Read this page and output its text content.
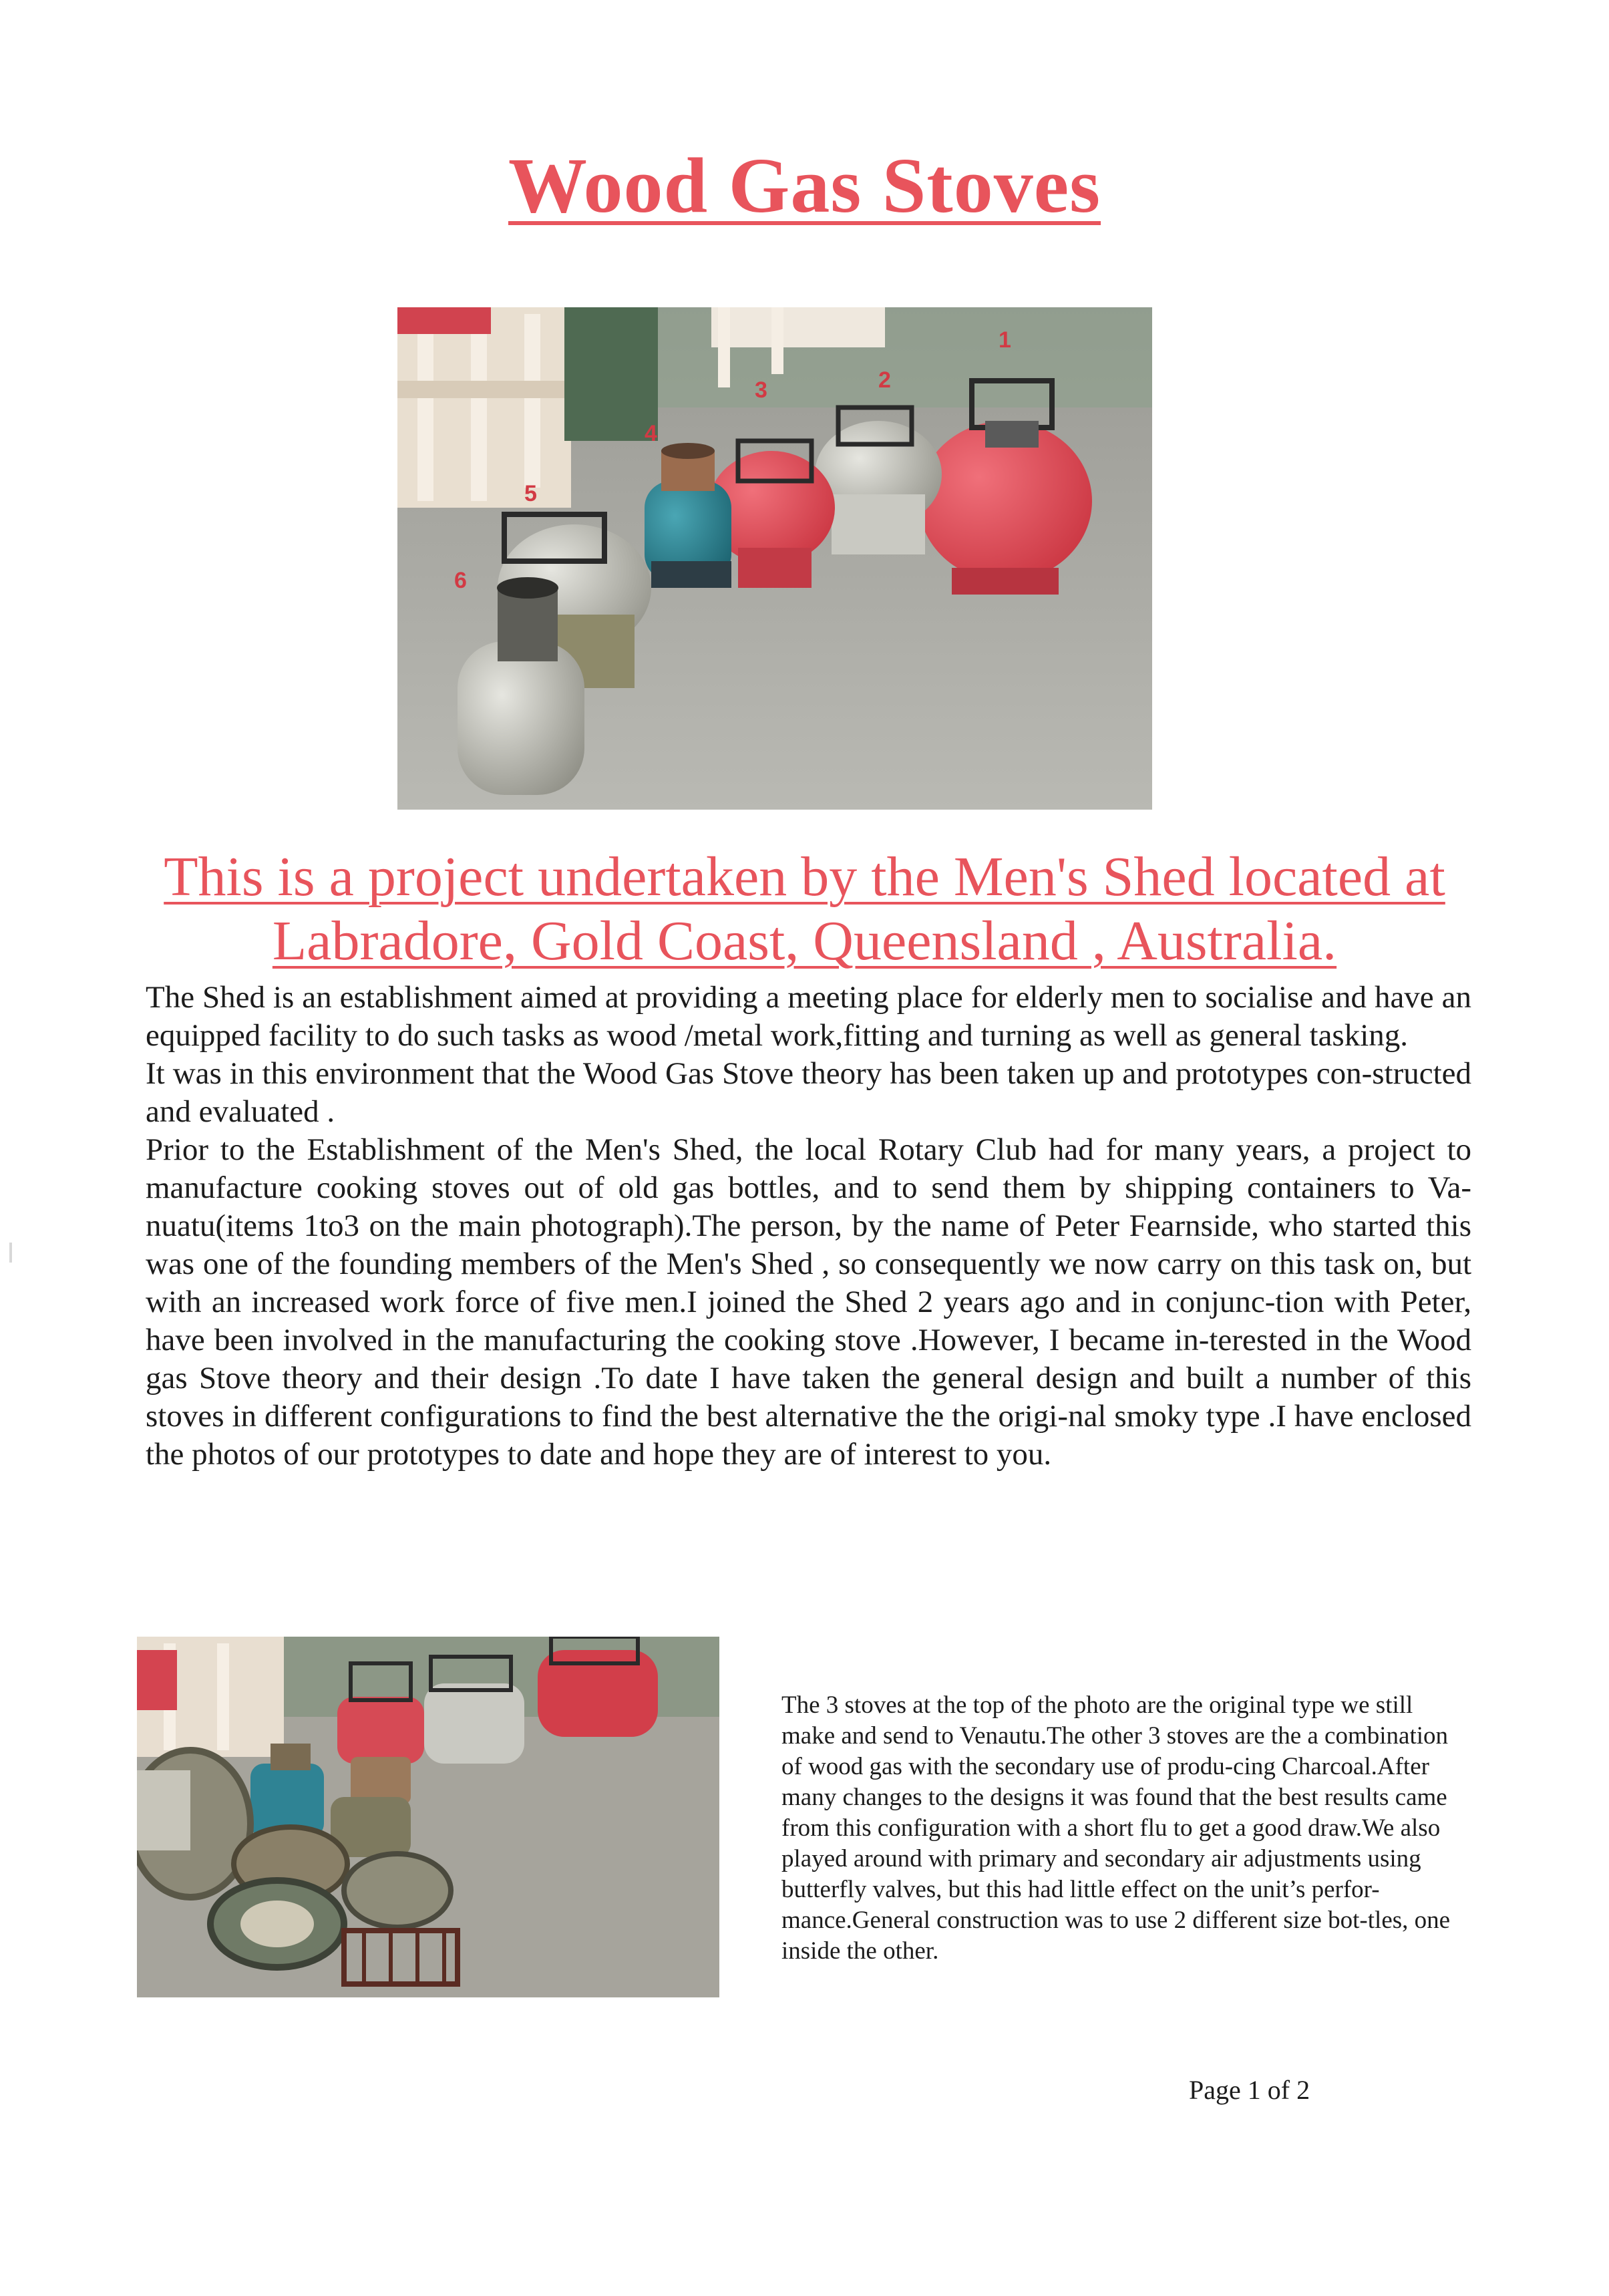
Wood Gas Stoves
1
2
3
4
5
6
This is a project undertaken by the Men's Shed located at Labradore, Gold Coast, Queensland , Australia.

The Shed is an establishment aimed at providing a meeting place for elderly men to socialise and have an equipped facility to do such tasks as wood /metal work,fitting and turning as well as general tasking.

It was in this environment that the Wood Gas Stove theory has been taken up and prototypes con-structed and evaluated .

Prior to the Establishment of the Men's Shed, the local Rotary Club had for many years, a project to manufacture cooking stoves out of old gas bottles, and to send them by shipping containers to Va-nuatu(items 1to3 on the main photograph).The person, by the name of Peter Fearnside, who started this was one of the founding members of the Men's Shed , so consequently we now carry on this task on, but with an increased work force of five men.I joined the Shed 2 years ago and in conjunc-tion with Peter, have been involved in the manufacturing the cooking stove .However, I became in-terested in the Wood gas Stove theory and their design .To date I have taken the general design and built a number of this stoves in different configurations to find the best alternative the the origi-nal smoky type .I have enclosed the photos of our prototypes to date and hope they are of interest to you.

The 3 stoves at the top of the photo are the original type we still make and send to Venautu.The other 3 stoves are the a combination of wood gas with the secondary use of produ-cing Charcoal.After many changes to the designs it was found that the best results came from this configuration with a short flu to get a good draw.We also played around with primary and secondary air adjustments using butterfly valves, but this had little effect on the unit’s perfor-mance.General construction was to use 2 different size bot-tles, one inside the other.
Page 1 of 2
